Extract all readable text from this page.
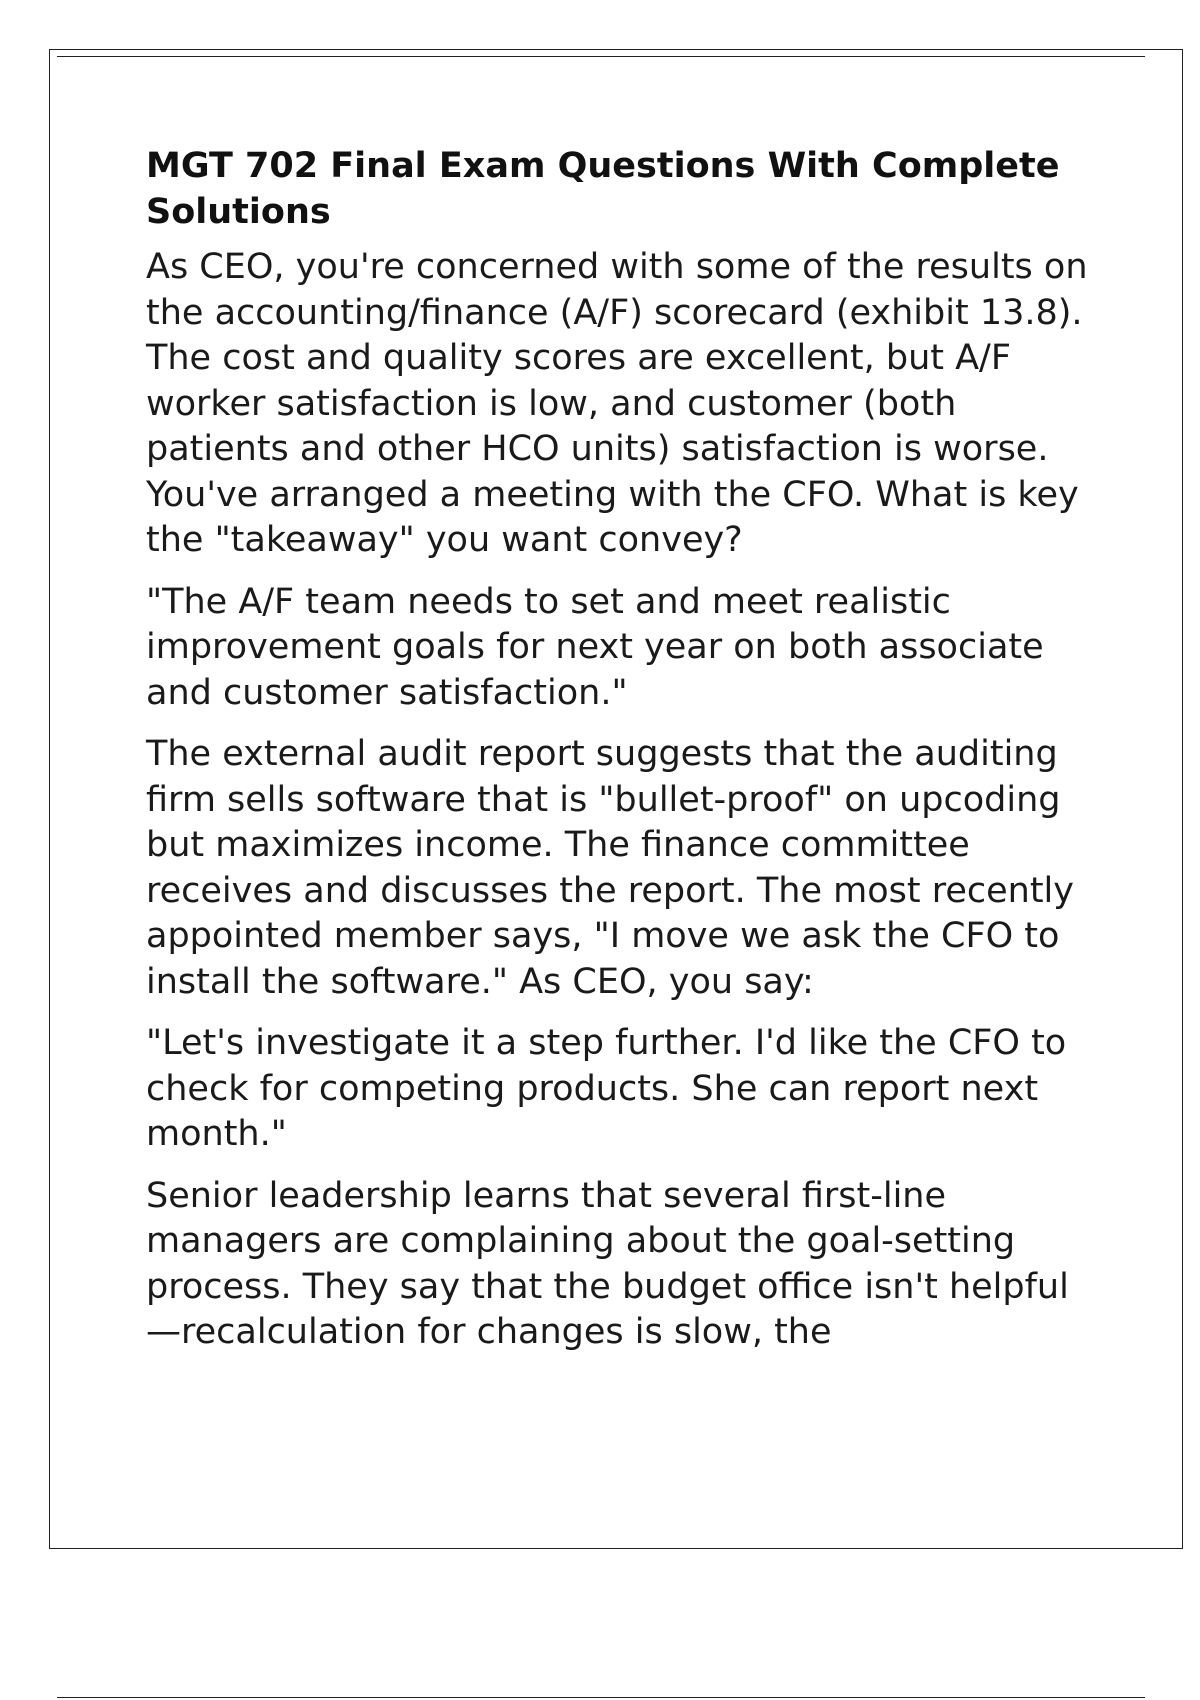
MGT 702 Final Exam Questions With Complete Solutions

As CEO, you're concerned with some of the results on the accounting/finance (A/F) scorecard (exhibit 13.8). The cost and quality scores are excellent, but A/F worker satisfaction is low, and customer (both patients and other HCO units) satisfaction is worse. You've arranged a meeting with the CFO. What is key the "takeaway" you want convey?

"The A/F team needs to set and meet realistic improvement goals for next year on both associate and customer satisfaction."

The external audit report suggests that the auditing firm sells software that is "bullet-proof" on upcoding but maximizes income. The finance committee receives and discusses the report. The most recently appointed member says, "I move we ask the CFO to install the software." As CEO, you say:

"Let's investigate it a step further. I'd like the CFO to check for competing products. She can report next month."

Senior leadership learns that several first-line managers are complaining about the goal-setting process. They say that the budget office isn't helpful—recalculation for changes is slow, the
